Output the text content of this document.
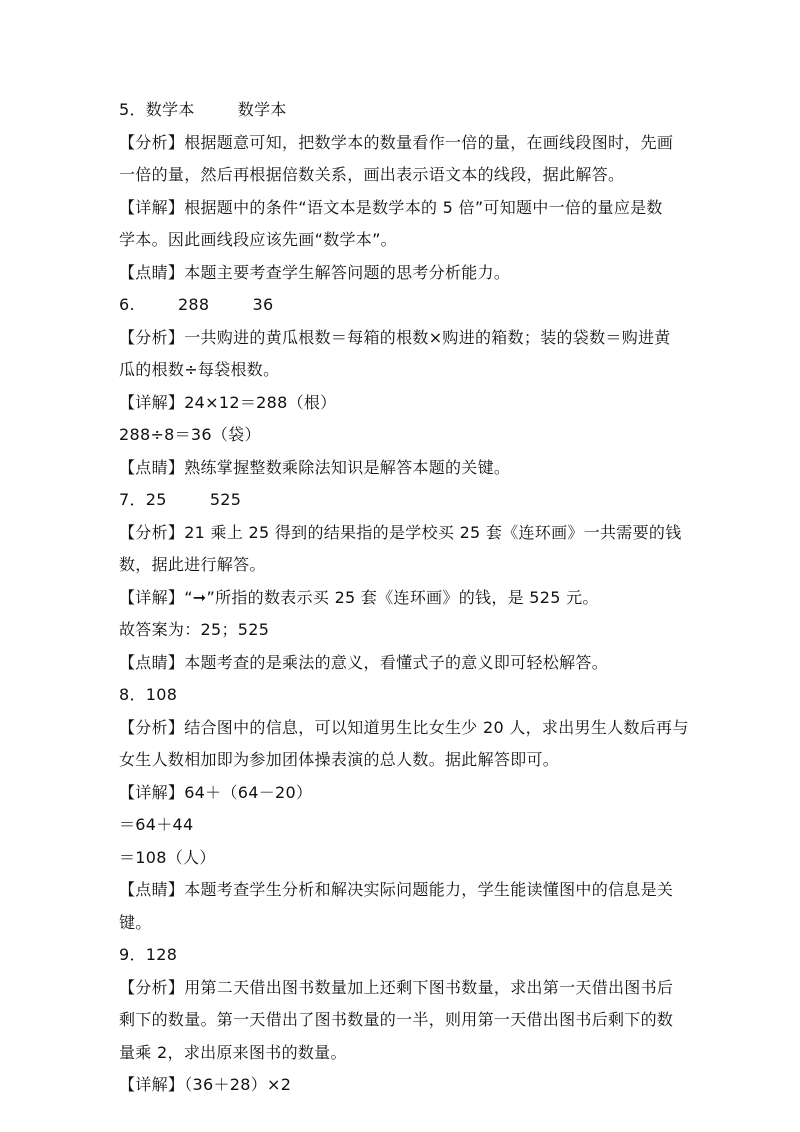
5．数学本        数学本
【分析】根据题意可知，把数学本的数量看作一倍的量，在画线段图时，先画
一倍的量，然后再根据倍数关系，画出表示语文本的线段，据此解答。
【详解】根据题中的条件“语文本是数学本的 5 倍”可知题中一倍的量应是数
学本。因此画线段应该先画“数学本”。
【点睛】本题主要考查学生解答问题的思考分析能力。
6.        288        36
【分析】一共购进的黄瓜根数＝每箱的根数×购进的箱数；装的袋数＝购进黄
瓜的根数÷每袋根数。
【详解】24×12＝288（根）
288÷8＝36（袋）
【点睛】熟练掌握整数乘除法知识是解答本题的关键。
7．25        525
【分析】21 乘上 25 得到的结果指的是学校买 25 套《连环画》一共需要的钱
数，据此进行解答。
【详解】“➞”所指的数表示买 25 套《连环画》的钱，是 525 元。
故答案为：25；525
【点睛】本题考查的是乘法的意义，看懂式子的意义即可轻松解答。
8．108
【分析】结合图中的信息，可以知道男生比女生少 20 人，求出男生人数后再与
女生人数相加即为参加团体操表演的总人数。据此解答即可。
【详解】64＋（64－20）
＝64＋44
＝108（人）
【点睛】本题考查学生分析和解决实际问题能力，学生能读懂图中的信息是关
键。
9．128
【分析】用第二天借出图书数量加上还剩下图书数量，求出第一天借出图书后
剩下的数量。第一天借出了图书数量的一半，则用第一天借出图书后剩下的数
量乘 2，求出原来图书的数量。
【详解】（36＋28）×2
